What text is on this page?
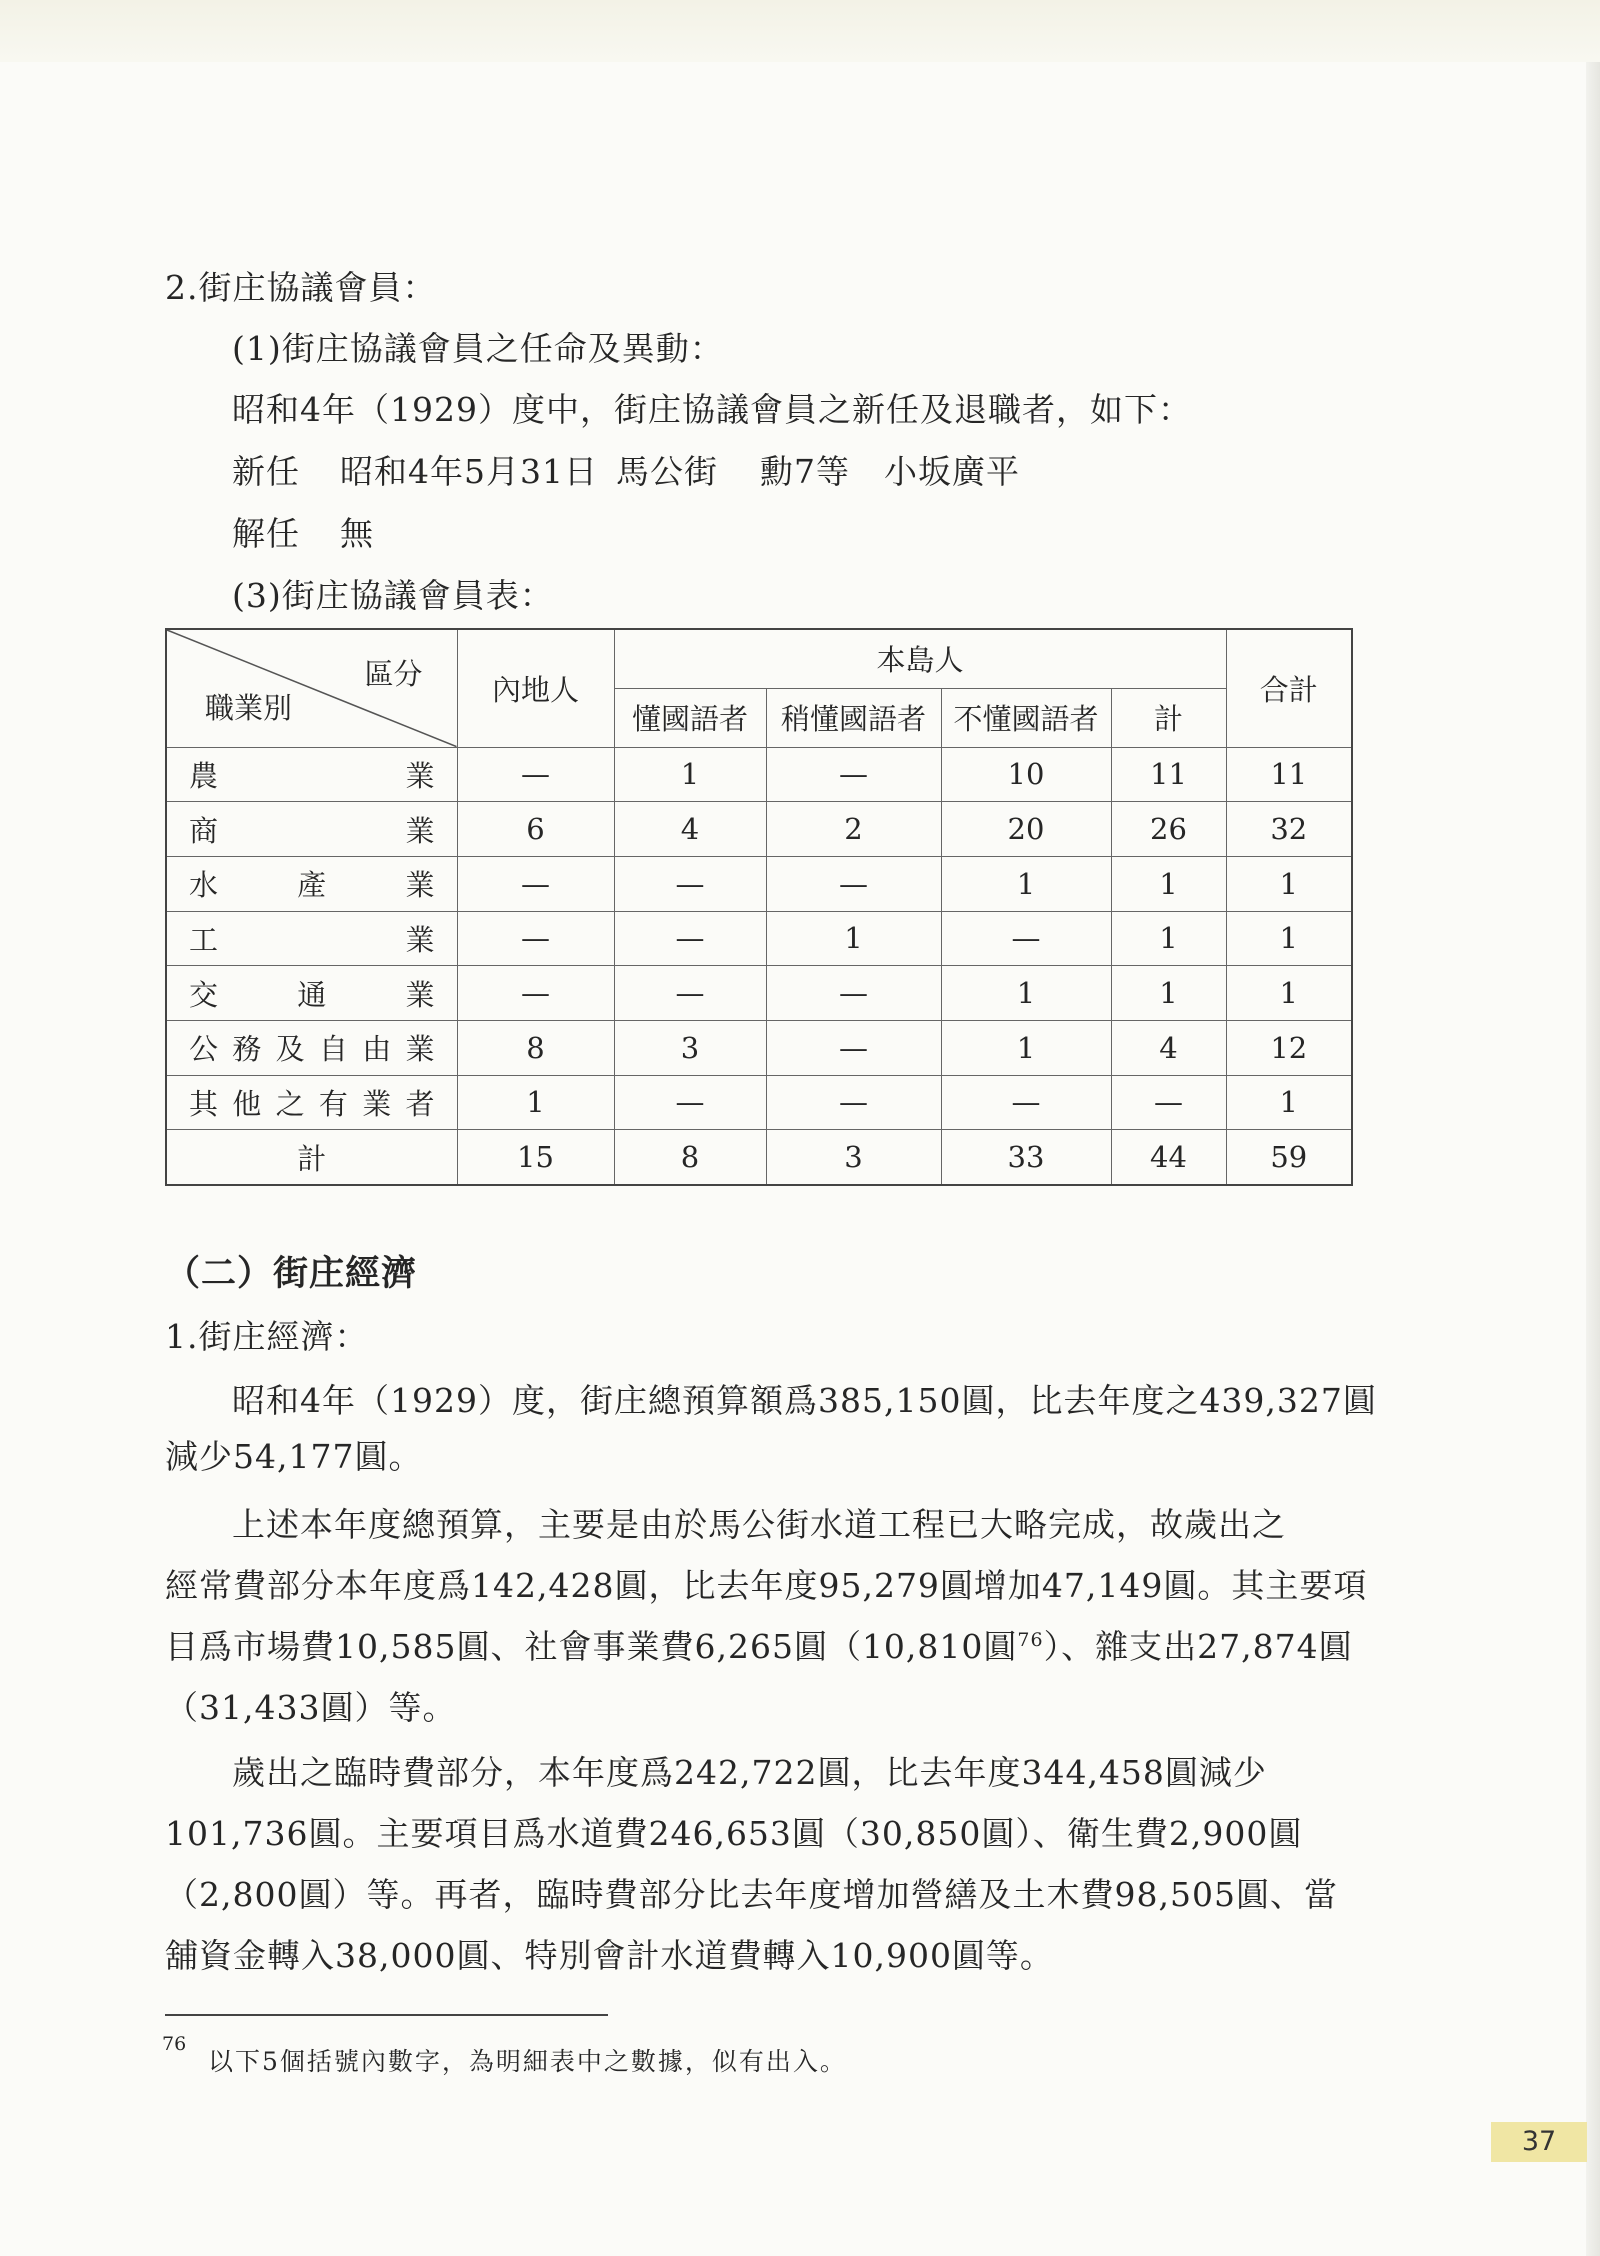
2.街庄協議會員：
(1)街庄協議會員之任命及異動：
昭和4年（1929）度中，街庄協議會員之新任及退職者，如下：
新任 昭和4年5月31日 馬公街 勳7等 小坂廣平
解任 無
(3)街庄協議會員表：
區分
職業別	內地人	本島人				合計
		懂國語者	稍懂國語者	不懂國語者	計	
農業	—	1	—	10	11	11
商業	6	4	2	20	26	32
水產業	—	—	—	1	1	1
工業	—	—	1	—	1	1
交通業	—	—	—	1	1	1
公務及自由業	8	3	—	1	4	12
其他之有業者	1	—	—	—	—	1
計	15	8	3	33	44	59
（二）街庄經濟
1.街庄經濟：
昭和4年（1929）度，街庄總預算額爲385,150圓，比去年度之439,327圓
減少54,177圓。
上述本年度總預算，主要是由於馬公街水道工程已大略完成，故歲出之
經常費部分本年度爲142,428圓，比去年度95,279圓增加47,149圓。其主要項
目爲市場費10,585圓、社會事業費6,265圓（10,810圓$^{76}$）、雜支出27,874圓
（31,433圓）等。
歲出之臨時費部分，本年度爲242,722圓，比去年度344,458圓減少
101,736圓。主要項目爲水道費246,653圓（30,850圓）、衛生費2,900圓
（2,800圓）等。再者，臨時費部分比去年度增加營繕及土木費98,505圓、當
舖資金轉入38,000圓、特別會計水道費轉入10,900圓等。
76
以下5個括號內數字，為明細表中之數據，似有出入。
37
